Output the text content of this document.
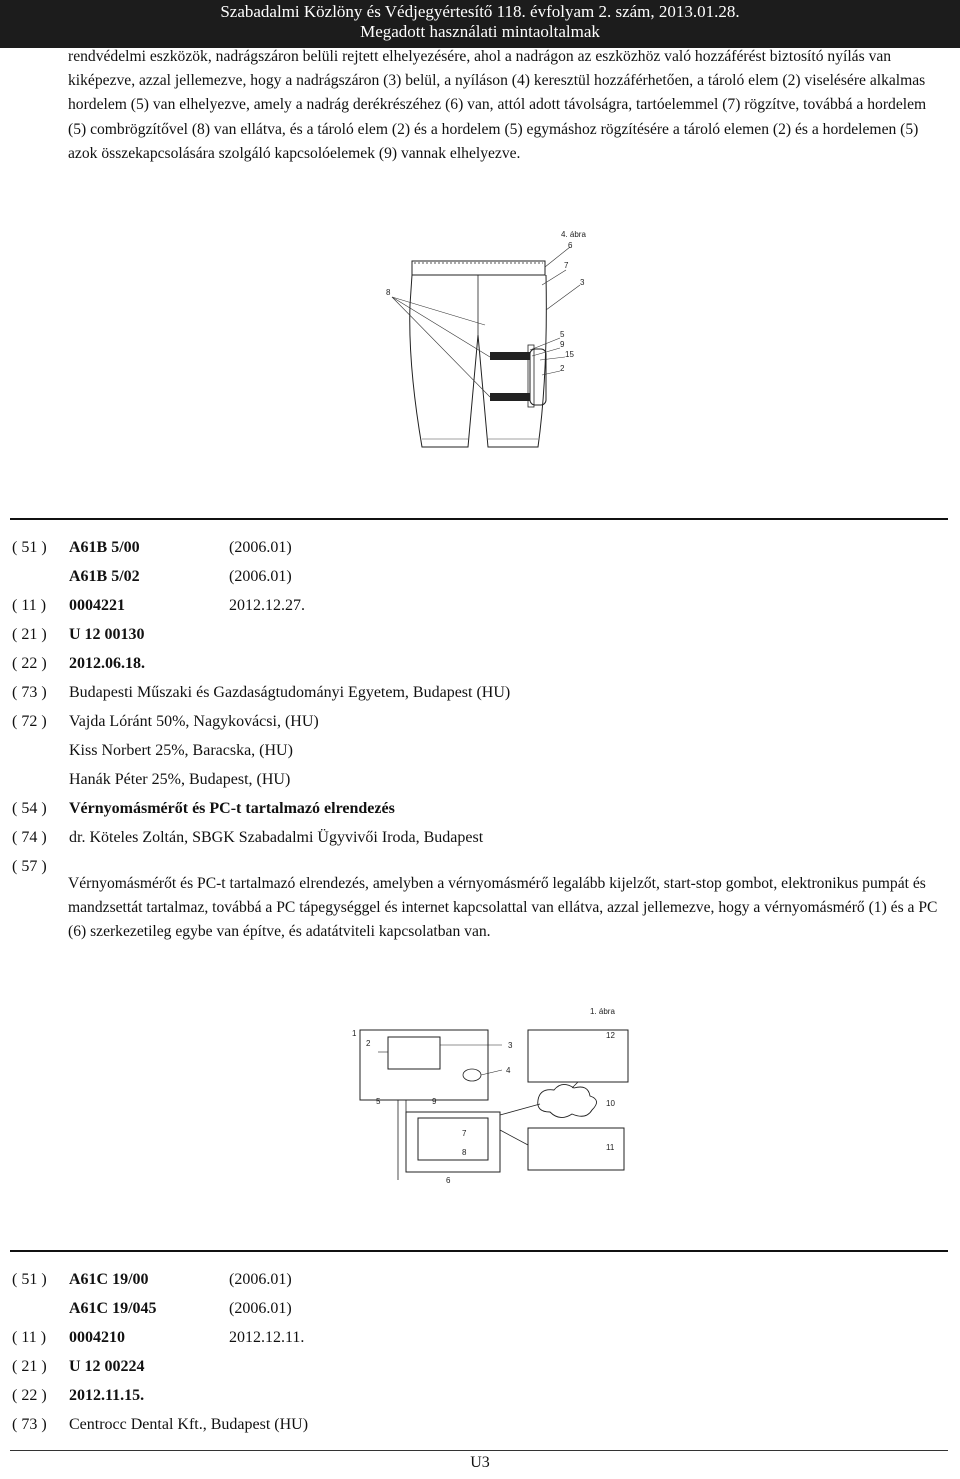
Szabadalmi Közlöny és Védjegyértesítő 118. évfolyam 2. szám, 2013.01.28.
Megadott használati mintaoltalmak
rendvédelmi eszközök, nadrágszáron belüli rejtett elhelyezésére, ahol a nadrágon az eszközhöz való hozzáférést biztosító nyílás van kiképezve, azzal jellemezve, hogy a nadrágszáron (3) belül, a nyíláson (4) keresztül hozzáférhetően, a tároló elem (2) viselésére alkalmas hordelem (5) van elhelyezve, amely a nadrág derékrészéhez (6) van, attól adott távolságra, tartóelemmel (7) rögzítve, továbbá a hordelem (5) combrögzítővel (8) van ellátva, és a tároló elem (2) és a hordelem (5) egymáshoz rögzítésére a tároló elemen (2) és a hordelemen (5) azok összekapcsolására szolgáló kapcsolóelemek (9) vannak elhelyezve.
4. ábra
6
7
3
8
5
9
15
2
( 51 ) A61B 5/00	(2006.01)
A61B 5/02	(2006.01)
( 11 ) 0004221	2012.12.27.
( 21 ) U 12 00130
( 22 ) 2012.06.18.
( 73 ) Budapesti Műszaki és Gazdaságtudományi Egyetem, Budapest (HU)
( 72 ) Vajda Lóránt 50%, Nagykovácsi, (HU)
Kiss Norbert 25%, Baracska, (HU)
Hanák Péter 25%, Budapest, (HU)
( 54 ) Vérnyomásmérőt és PC-t tartalmazó elrendezés
( 74 ) dr. Köteles Zoltán, SBGK Szabadalmi Ügyvivői Iroda, Budapest
( 57 )
Vérnyomásmérőt és PC-t tartalmazó elrendezés, amelyben a vérnyomásmérő legalább kijelzőt, start-stop gombot, elektronikus pumpát és mandzsettát tartalmaz, továbbá a PC tápegységgel és internet kapcsolattal van ellátva, azzal jellemezve, hogy a vérnyomásmérő (1) és a PC (6) szerkezetileg egybe van építve, és adatátviteli kapcsolatban van.
1. ábra
1
2	3
4
5	9
7
8
6
12
10
11
( 51 ) A61C 19/00	(2006.01)
A61C 19/045	(2006.01)
( 11 ) 0004210	2012.12.11.
( 21 ) U 12 00224
( 22 ) 2012.11.15.
( 73 ) Centrocc Dental Kft., Budapest (HU)
U3
